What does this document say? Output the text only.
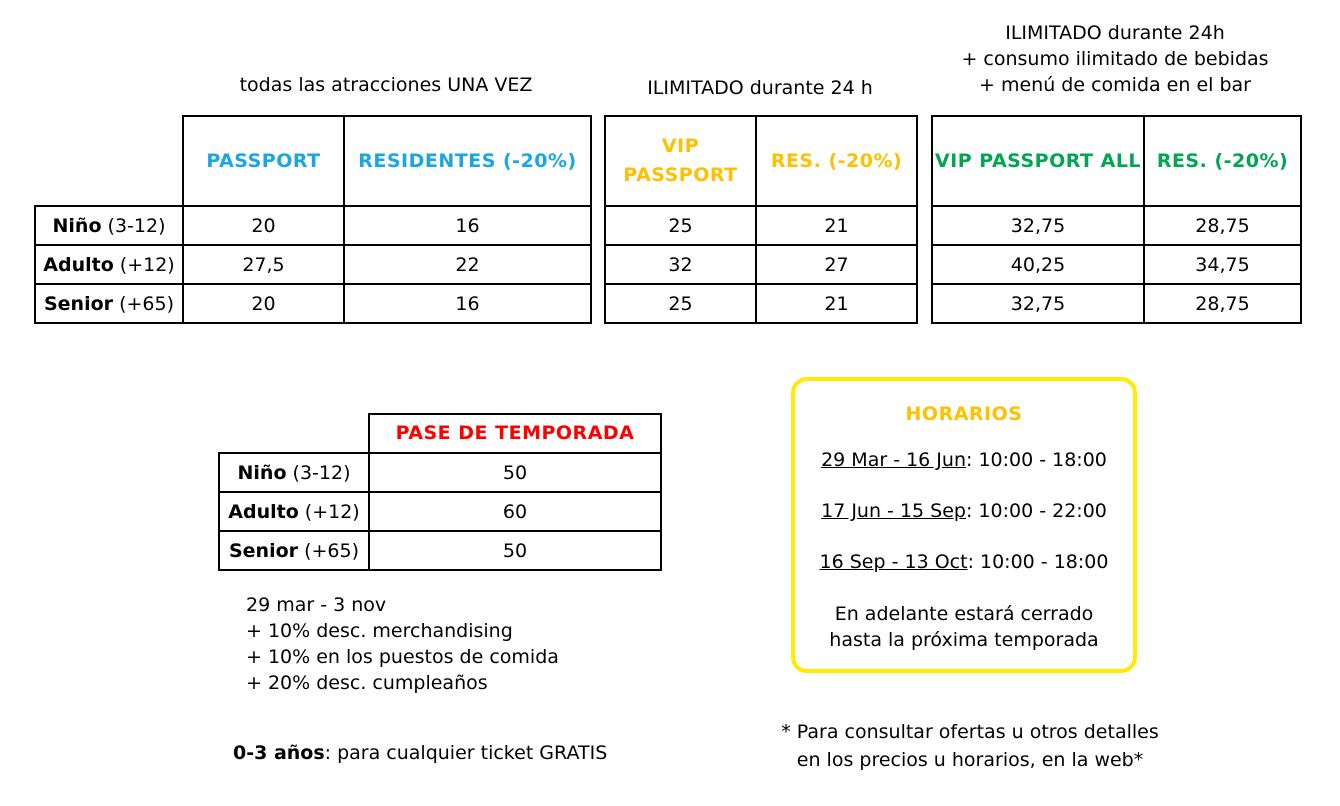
todas las atracciones UNA VEZ	ILIMITADO durante 24 h
ILIMITADO durante 24h
+ consumo ilimitado de bebidas
+ menú de comida en el bar
	PASSPORT	RESIDENTES (-20%)
Niño (3-12)	20	16
Adulto (+12)	27,5	22
Senior (+65)	20	16
VIP PASSPORT	RES. (-20%)
25	21
32	27
25	21
VIP PASSPORT ALL	RES. (-20%)
32,75	28,75
40,25	34,75
32,75	28,75
	PASE DE TEMPORADA
Niño (3-12)	50
Adulto (+12)	60
Senior (+65)	50
29 mar - 3 nov
+ 10% desc. merchandising
+ 10% en los puestos de comida
+ 20% desc. cumpleaños
HORARIOS
29 Mar - 16 Jun: 10:00 - 18:00
17 Jun - 15 Sep: 10:00 - 22:00
16 Sep - 13 Oct: 10:00 - 18:00
En adelante estará cerrado
hasta la próxima temporada
0-3 años: para cualquier ticket GRATIS
* Para consultar ofertas u otros detalles
en los precios u horarios, en la web*
